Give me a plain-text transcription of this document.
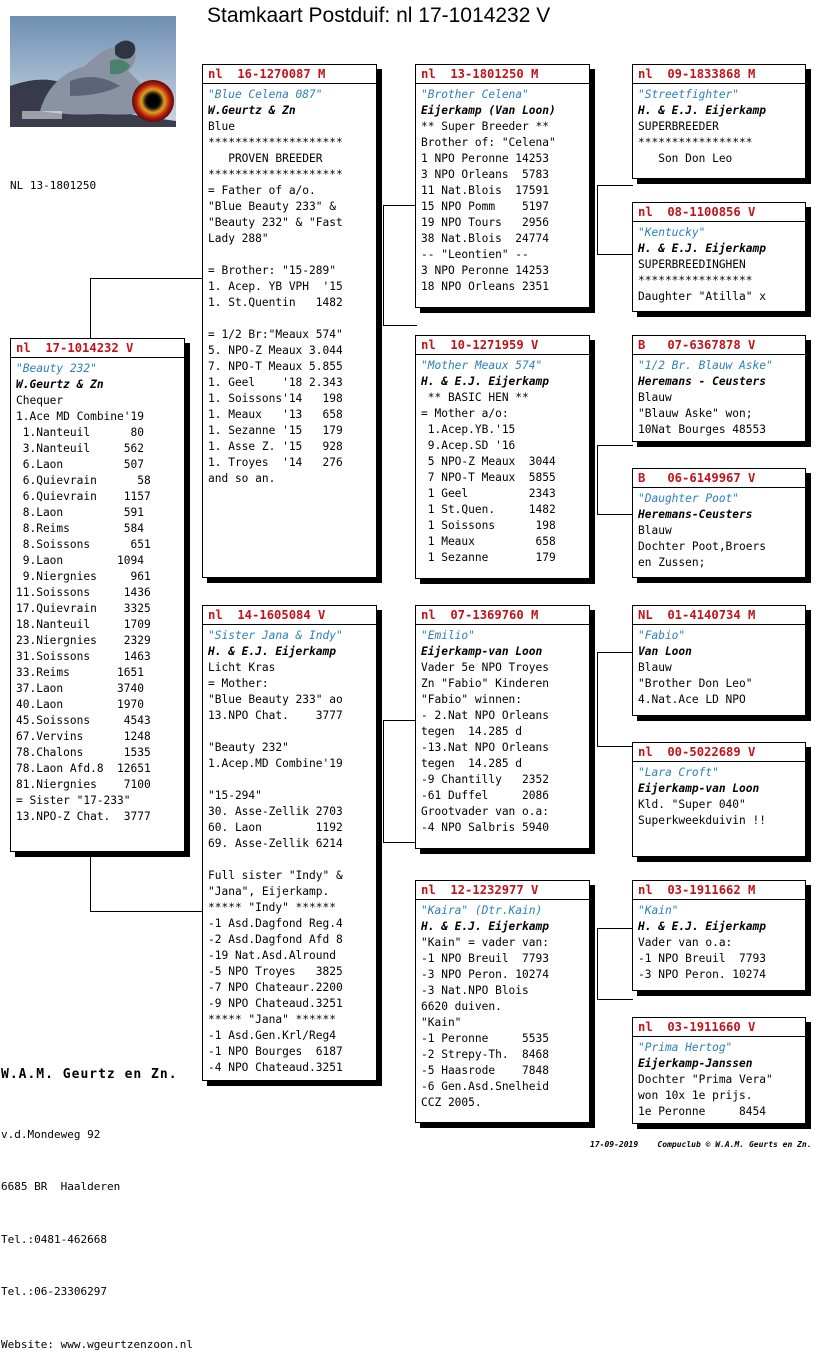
Stamkaart Postduif: nl 17-1014232 V
NL 13-1801250
nl  17-1014232 V
"Beauty 232"
W.Geurtz & Zn
Chequer
1.Ace MD Combine'19
1.Nanteuil      80
3.Nanteuil     562
6.Laon         507
6.Quievrain      58
6.Quievrain    1157
8.Laon         591
8.Reims        584
8.Soissons      651
9.Laon        1094
9.Niergnies     961
11.Soissons     1436
17.Quievrain    3325
18.Nanteuil     1709
23.Niergnies    2329
31.Soissons     1463
33.Reims       1651
37.Laon        3740
40.Laon        1970
45.Soissons     4543
67.Vervins      1248
78.Chalons      1535
78.Laon Afd.8  12651
81.Niergnies    7100
= Sister "17-233"
13.NPO-Z Chat.  3777
nl  16-1270087 M
"Blue Celena 087"
W.Geurtz & Zn
Blue
********************
PROVEN BREEDER
********************
= Father of a/o.
"Blue Beauty 233" &
"Beauty 232" & "Fast
Lady 288"
= Brother: "15-289"
1. Acep. YB VPH  '15
1. St.Quentin   1482
= 1/2 Br:"Meaux 574"
5. NPO-Z Meaux 3.044
7. NPO-T Meaux 5.855
1. Geel    '18 2.343
1. Soissons'14   198
1. Meaux   '13   658
1. Sezanne '15   179
1. Asse Z. '15   928
1. Troyes  '14   276
and so an.
nl  14-1605084 V
"Sister Jana & Indy"
H. & E.J. Eijerkamp
Licht Kras
= Mother:
"Blue Beauty 233" ao
13.NPO Chat.    3777
"Beauty 232"
1.Acep.MD Combine'19
"15-294"
30. Asse-Zellik 2703
60. Laon        1192
69. Asse-Zellik 6214
Full sister "Indy" &
"Jana", Eijerkamp.
***** "Indy" ******
-1 Asd.Dagfond Reg.4
-2 Asd.Dagfond Afd 8
-19 Nat.Asd.Alround
-5 NPO Troyes   3825
-7 NPO Chateaur.2200
-9 NPO Chateaud.3251
***** "Jana" ******
-1 Asd.Gen.Krl/Reg4
-1 NPO Bourges  6187
-4 NPO Chateaud.3251
nl  13-1801250 M
"Brother Celena"
Eijerkamp (Van Loon)
** Super Breeder **
Brother of: "Celena"
1 NPO Peronne 14253
3 NPO Orleans  5783
11 Nat.Blois  17591
15 NPO Pomm    5197
19 NPO Tours   2956
38 Nat.Blois  24774
-- "Leontien" --
3 NPO Peronne 14253
18 NPO Orleans 2351
nl  10-1271959 V
"Mother Meaux 574"
H. & E.J. Eijerkamp
** BASIC HEN **
= Mother a/o:
1.Acep.YB.'15
9.Acep.SD '16
5 NPO-Z Meaux  3044
7 NPO-T Meaux  5855
1 Geel         2343
1 St.Quen.     1482
1 Soissons      198
1 Meaux         658
1 Sezanne       179
nl  07-1369760 M
"Emilio"
Eijerkamp-van Loon
Vader 5e NPO Troyes
Zn "Fabio" Kinderen
"Fabio" winnen:
- 2.Nat NPO Orleans
tegen  14.285 d
-13.Nat NPO Orleans
tegen  14.285 d
-9 Chantilly   2352
-61 Duffel     2086
Grootvader van o.a:
-4 NPO Salbris 5940
nl  12-1232977 V
"Kaira" (Dtr.Kain)
H. & E.J. Eijerkamp
"Kain" = vader van:
-1 NPO Breuil  7793
-3 NPO Peron. 10274
-3 Nat.NPO Blois
6620 duiven.
"Kain"
-1 Peronne     5535
-2 Strepy-Th.  8468
-5 Haasrode    7848
-6 Gen.Asd.Snelheid
CCZ 2005.
nl  09-1833868 M
"Streetfighter"
H. & E.J. Eijerkamp
SUPERBREEDER
*****************
Son Don Leo
nl  08-1100856 V
"Kentucky"
H. & E.J. Eijerkamp
SUPERBREEDINGHEN
*****************
Daughter "Atilla" x
B   07-6367878 V
"1/2 Br. Blauw Aske"
Heremans - Ceusters
Blauw
"Blauw Aske" won;
10Nat Bourges 48553
B   06-6149967 V
"Daughter Poot"
Heremans-Ceusters
Blauw
Dochter Poot,Broers
en Zussen;
NL  01-4140734 M
"Fabio"
Van Loon
Blauw
"Brother Don Leo"
4.Nat.Ace LD NPO
nl  00-5022689 V
"Lara Croft"
Eijerkamp-van Loon
Kld. "Super 040"
Superkweekduivin !!
nl  03-1911662 M
"Kain"
H. & E.J. Eijerkamp
Vader van o.a:
-1 NPO Breuil  7793
-3 NPO Peron. 10274
nl  03-1911660 V
"Prima Hertog"
Eijerkamp-Janssen
Dochter "Prima Vera"
won 10x 1e prijs.
1e Peronne     8454

W.A.M. Geurtz en Zn.

v.d.Mondeweg 92

6685 BR  Haalderen

Tel.:0481-462668

Tel.:06-23306297

Website: www.wgeurtzenzoon.nl

17-09-2019    Compuclub © W.A.M. Geurts en Zn.
